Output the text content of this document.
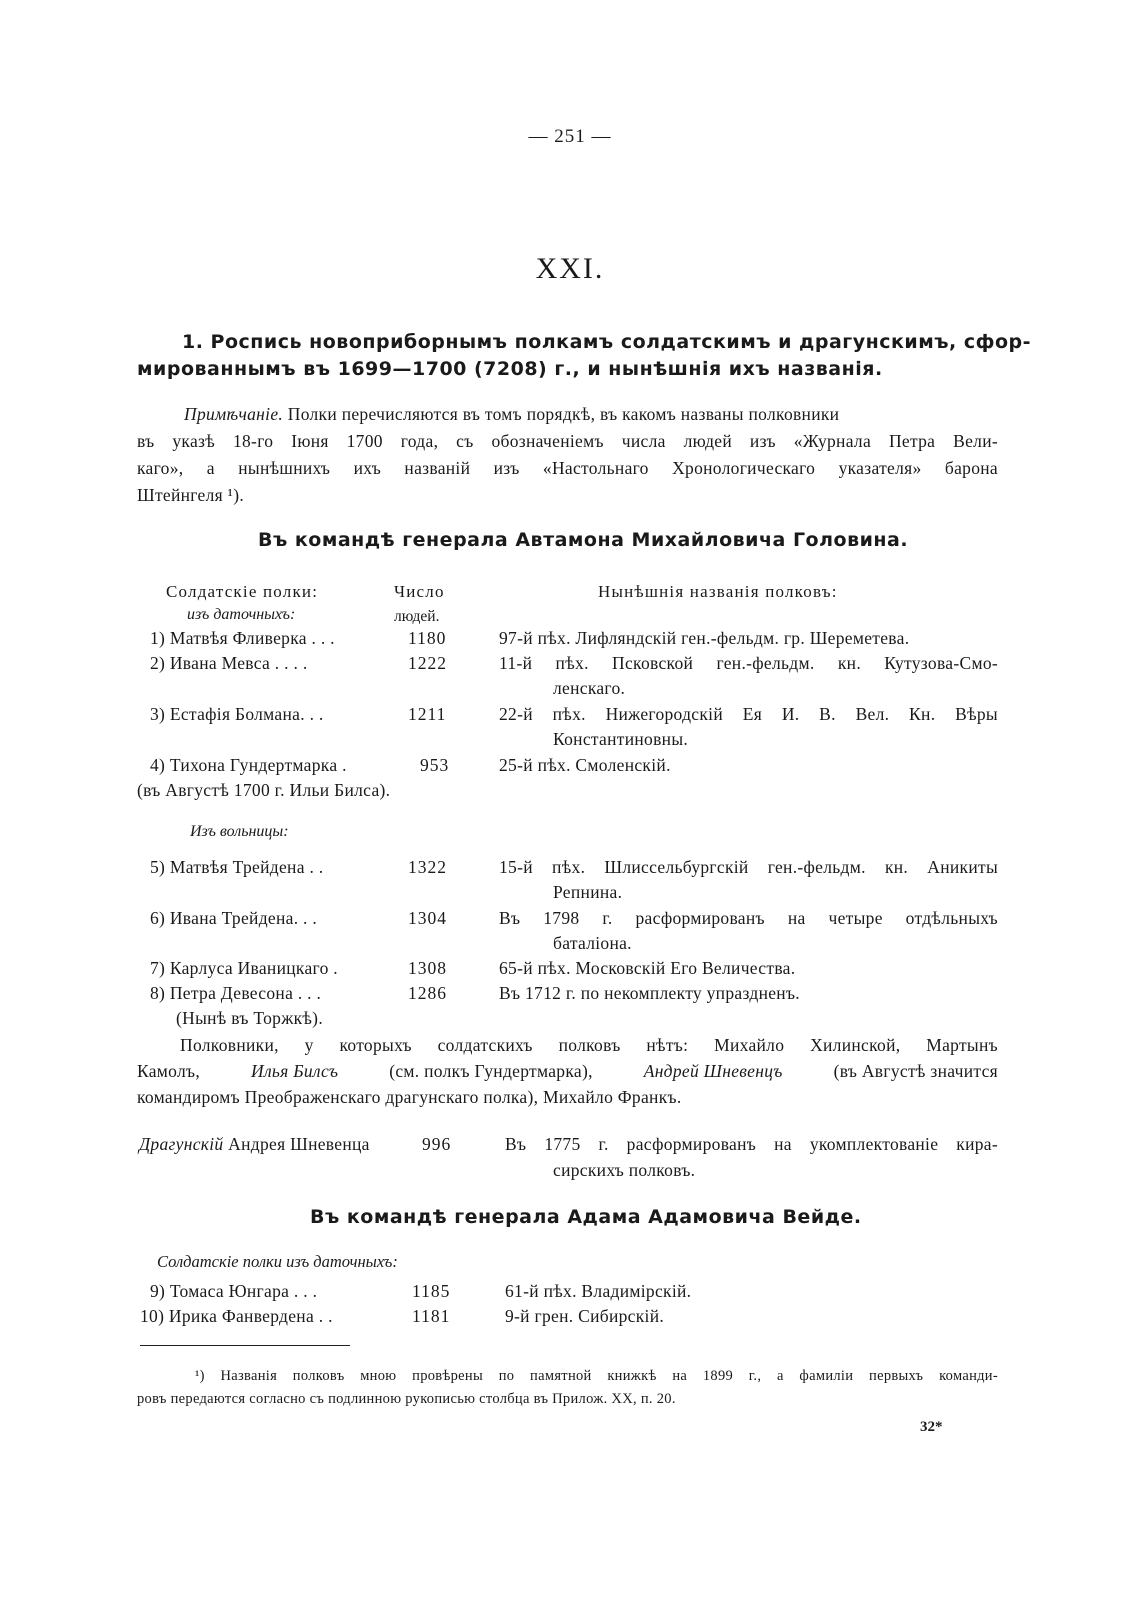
— 251 —
XXI.
1. Роспись новоприборнымъ полкамъ солдатскимъ и драгунскимъ, сфор-
мированнымъ въ 1699—1700 (7208) г., и нынѣшнія ихъ названія.
Примѣчаніе. Полки перечисляются въ томъ порядкѣ, въ какомъ названы полковники
въ указѣ 18-го Іюня 1700 года, съ обозначеніемъ числа людей изъ «Журнала Петра Вели-
каго», а нынѣшнихъ ихъ названій изъ «Настольнаго Хронологическаго указателя» барона
Штейнгеля ¹).
Въ командѣ генерала Автамона Михайловича Головина.
Солдатскіе полки:	Число	Нынѣшнія названія полковъ:
изъ даточныхъ:	людей.
1) Матвѣя Фливерка . . .	1180	97-й пѣх. Лифляндскій ген.-фельдм. гр. Шереметева.
2) Ивана Мевса . . . .	1222	11-й пѣх. Псковской ген.-фельдм. кн. Кутузова-Смо-
ленскаго.
3) Естафія Болмана. . .	1211	22-й пѣх. Нижегородскій Ея И. В. Вел. Кн. Вѣры
Константиновны.
4) Тихона Гундертмарка .	953	25-й пѣх. Смоленскій.
(въ Августѣ 1700 г. Ильи Билса).
Изъ вольницы:
5) Матвѣя Трейдена . .	1322	15-й пѣх. Шлиссельбургскій ген.-фельдм. кн. Аникиты
Репнина.
6) Ивана Трейдена. . .	1304	Въ 1798 г. расформированъ на четыре отдѣльныхъ
баталіона.
7) Карлуса Иваницкаго .	1308	65-й пѣх. Московскій Его Величества.
8) Петра Девесона . . .	1286	Въ 1712 г. по некомплекту упраздненъ.
(Нынѣ въ Торжкѣ).
Полковники, у которыхъ солдатскихъ полковъ нѣтъ: Михайло Хилинской, Мартынъ
Камолъ,	Илья Билсъ	(см. полкъ Гундертмарка),	Андрей Шневенцъ	(въ Августѣ значится
командиромъ Преображенскаго драгунскаго полка), Михайло Франкъ.
Драгунскій Андрея Шневенца	996	Въ 1775 г. расформированъ на укомплектованіе кира-
сирскихъ полковъ.
Въ командѣ генерала Адама Адамовича Вейде.
Солдатскіе полки изъ даточныхъ:
9) Томаса Юнгара . . .	1185	61-й пѣх. Владимірскій.
10) Ирика Фанвердена . .	1181	9-й грен. Сибирскій.
¹) Названія полковъ мною провѣрены по памятной книжкѣ на 1899 г., а фамиліи первыхъ команди-
ровъ передаются согласно съ подлинною рукописью столбца въ Прилож. XX, п. 20.
32*
